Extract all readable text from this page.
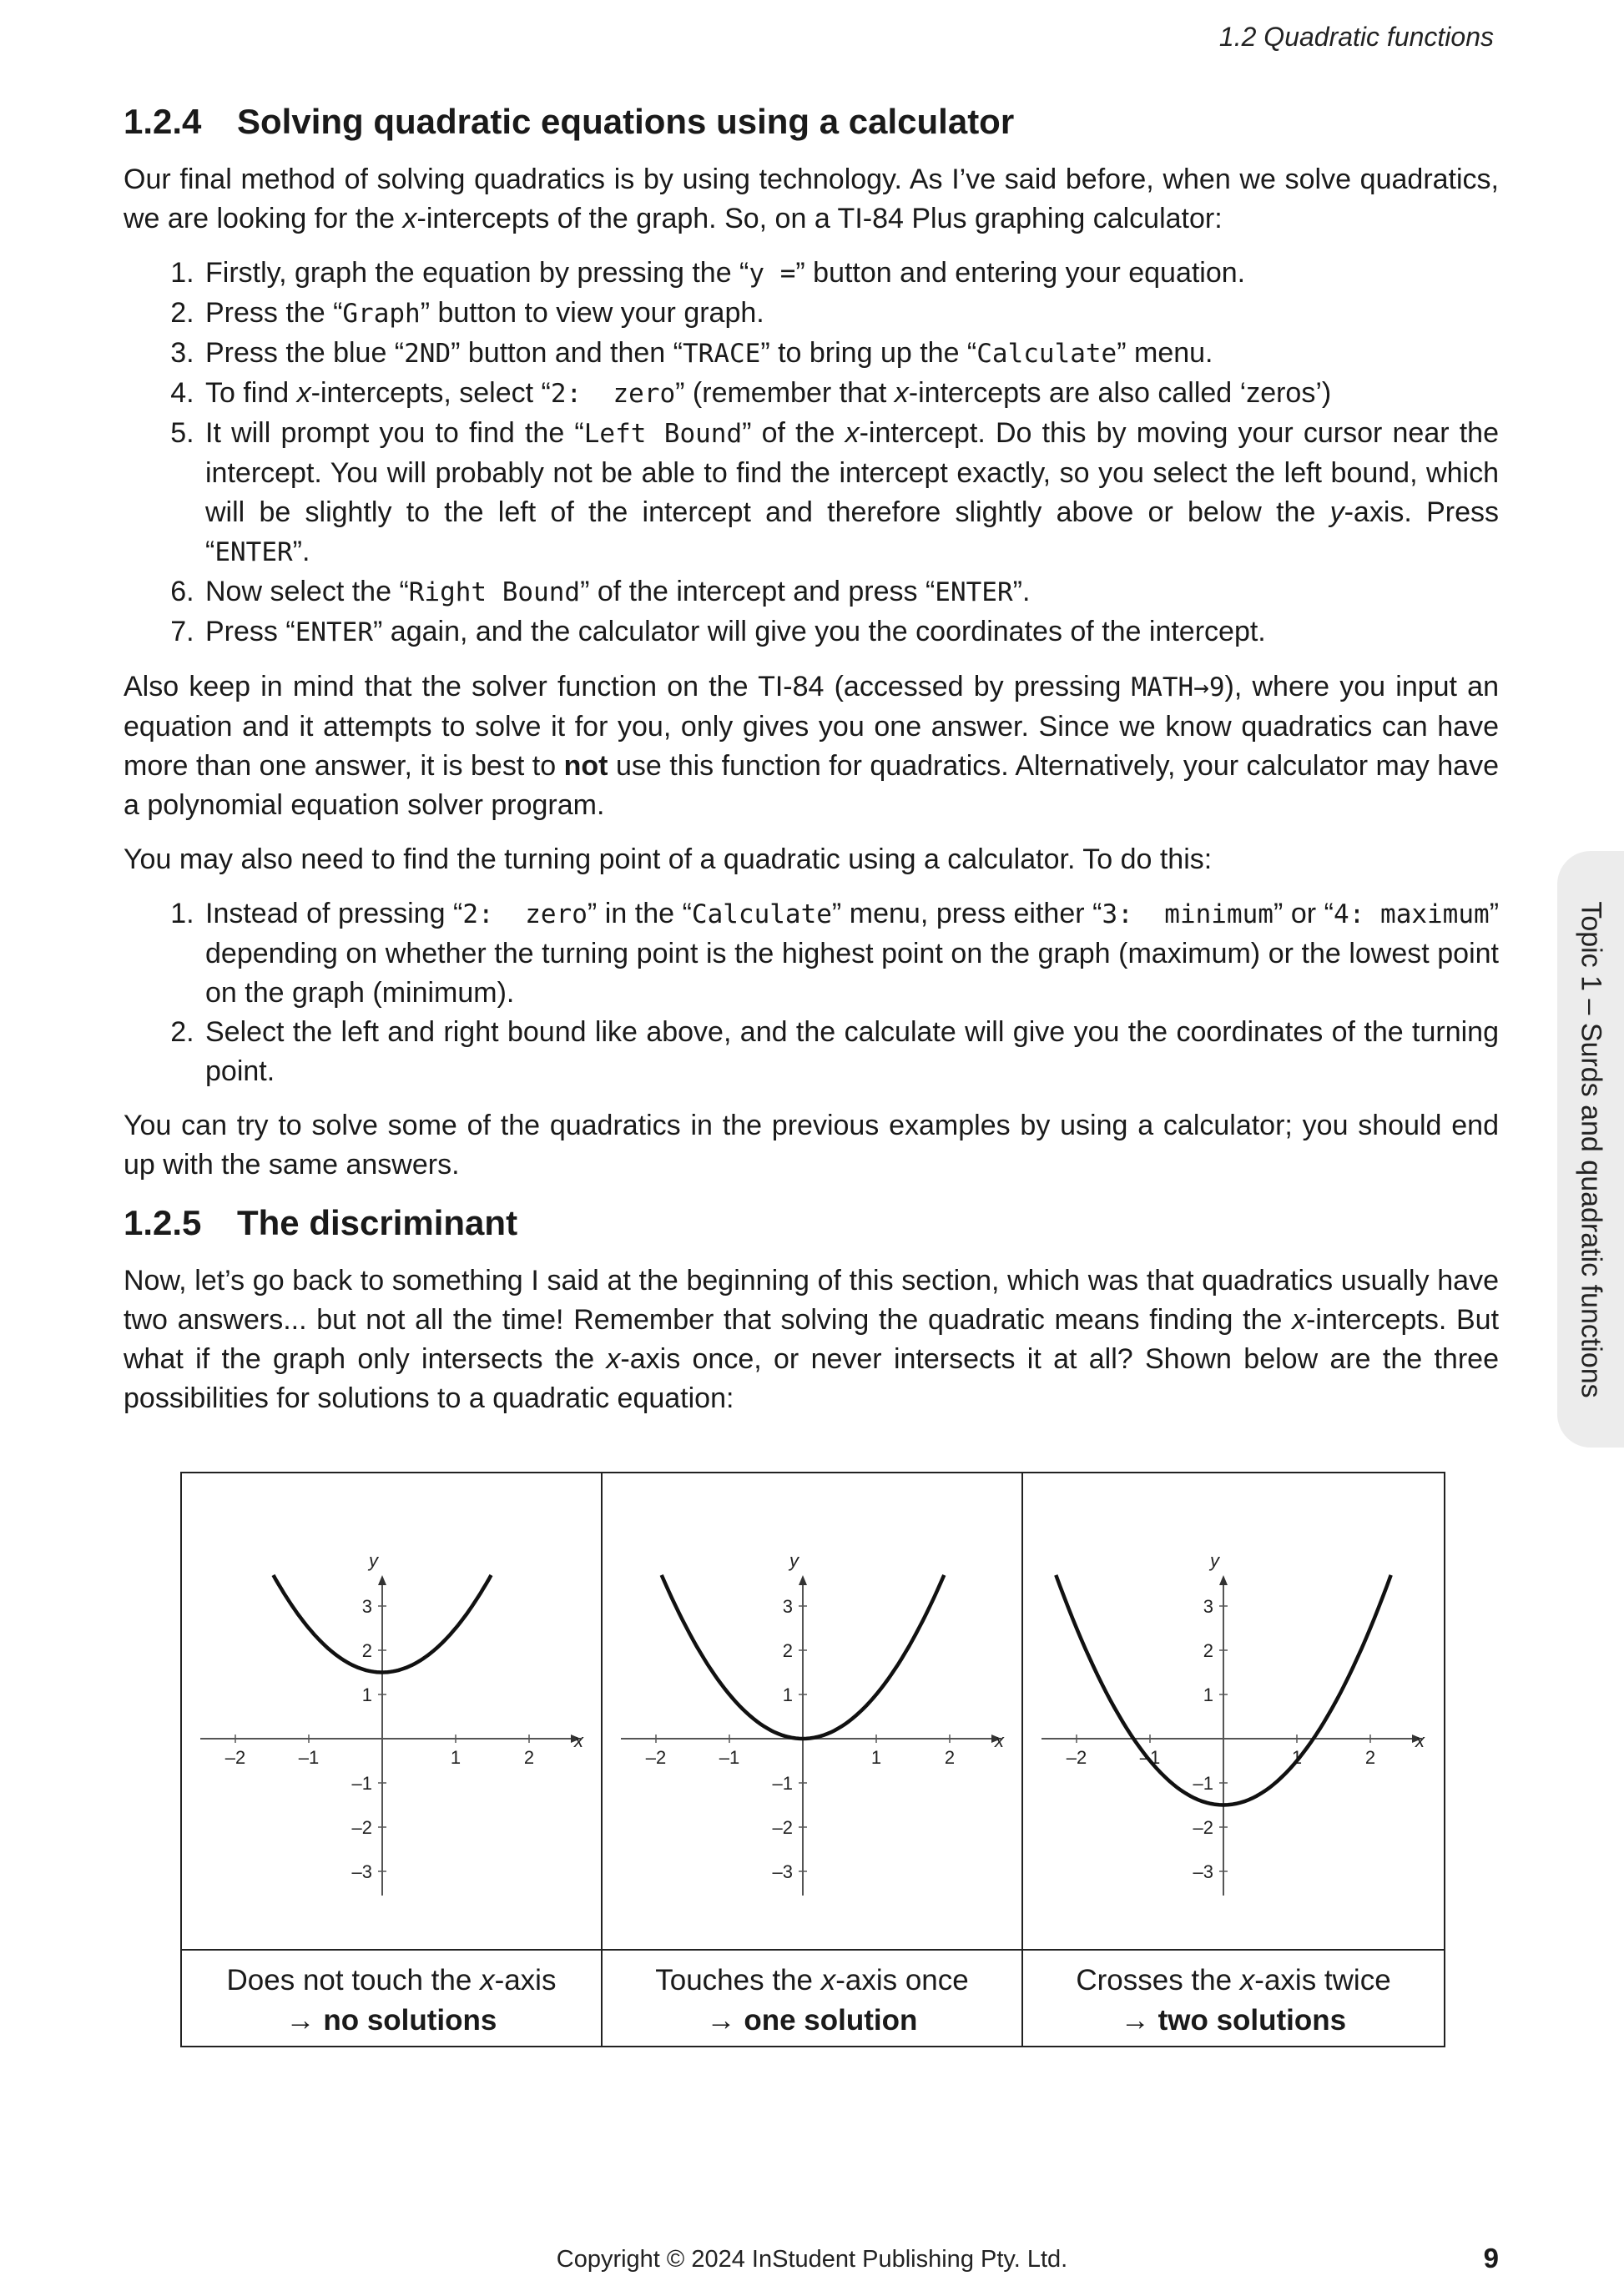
1.2 Quadratic functions
1.2.4 Solving quadratic equations using a calculator

Our final method of solving quadratics is by using technology. As I’ve said before, when we solve quadratics, we are looking for the x-intercepts of the graph. So, on a TI-84 Plus graphing calculator:

1. Firstly, graph the equation by pressing the “y =” button and entering your equation.
2. Press the “Graph” button to view your graph.
3. Press the blue “2ND” button and then “TRACE” to bring up the “Calculate” menu.
4. To find x-intercepts, select “2:  zero” (remember that x-intercepts are also called ‘zeros’)
5. It will prompt you to find the “Left Bound” of the x-intercept. Do this by moving your cursor near the intercept. You will probably not be able to find the intercept exactly, so you select the left bound, which will be slightly to the left of the intercept and therefore slightly above or below the y-axis. Press “ENTER”.
6. Now select the “Right Bound” of the intercept and press “ENTER”.
7. Press “ENTER” again, and the calculator will give you the coordinates of the intercept.

Also keep in mind that the solver function on the TI-84 (accessed by pressing MATH→9), where you input an equation and it attempts to solve it for you, only gives you one answer. Since we know quadratics can have more than one answer, it is best to not use this function for quadratics. Alternatively, your calculator may have a polynomial equation solver program.

You may also need to find the turning point of a quadratic using a calculator. To do this:

1. Instead of pressing “2:  zero” in the “Calculate” menu, press either “3:  minimum” or “4: maximum” depending on whether the turning point is the highest point on the graph (maximum) or the lowest point on the graph (minimum).
2. Select the left and right bound like above, and the calculate will give you the coordinates of the turning point.

You can try to solve some of the quadratics in the previous examples by using a calculator; you should end up with the same answers.

1.2.5 The discriminant

Now, let’s go back to something I said at the beginning of this section, which was that quadratics usually have two answers... but not all the time! Remember that solving the quadratic means finding the x-intercepts. But what if the graph only intersects the x-axis once, or never intersects it at all? Shown below are the three possibilities for solutions to a quadratic equation:

x
y
–2	–1	1	2
3
2
1
–1
–2
–3
Does not touch the x-axis
→ no solutions
x
y
–2	–1	1	2
3
2
1
–1
–2
–3
Touches the x-axis once
→ one solution
x
y
–2	–1	1	2
3
2
1
–1
–2
–3
Crosses the x-axis twice
→ two solutions
Topic 1 – Surds and quadratic functions
Copyright © 2024 InStudent Publishing Pty. Ltd.	9
